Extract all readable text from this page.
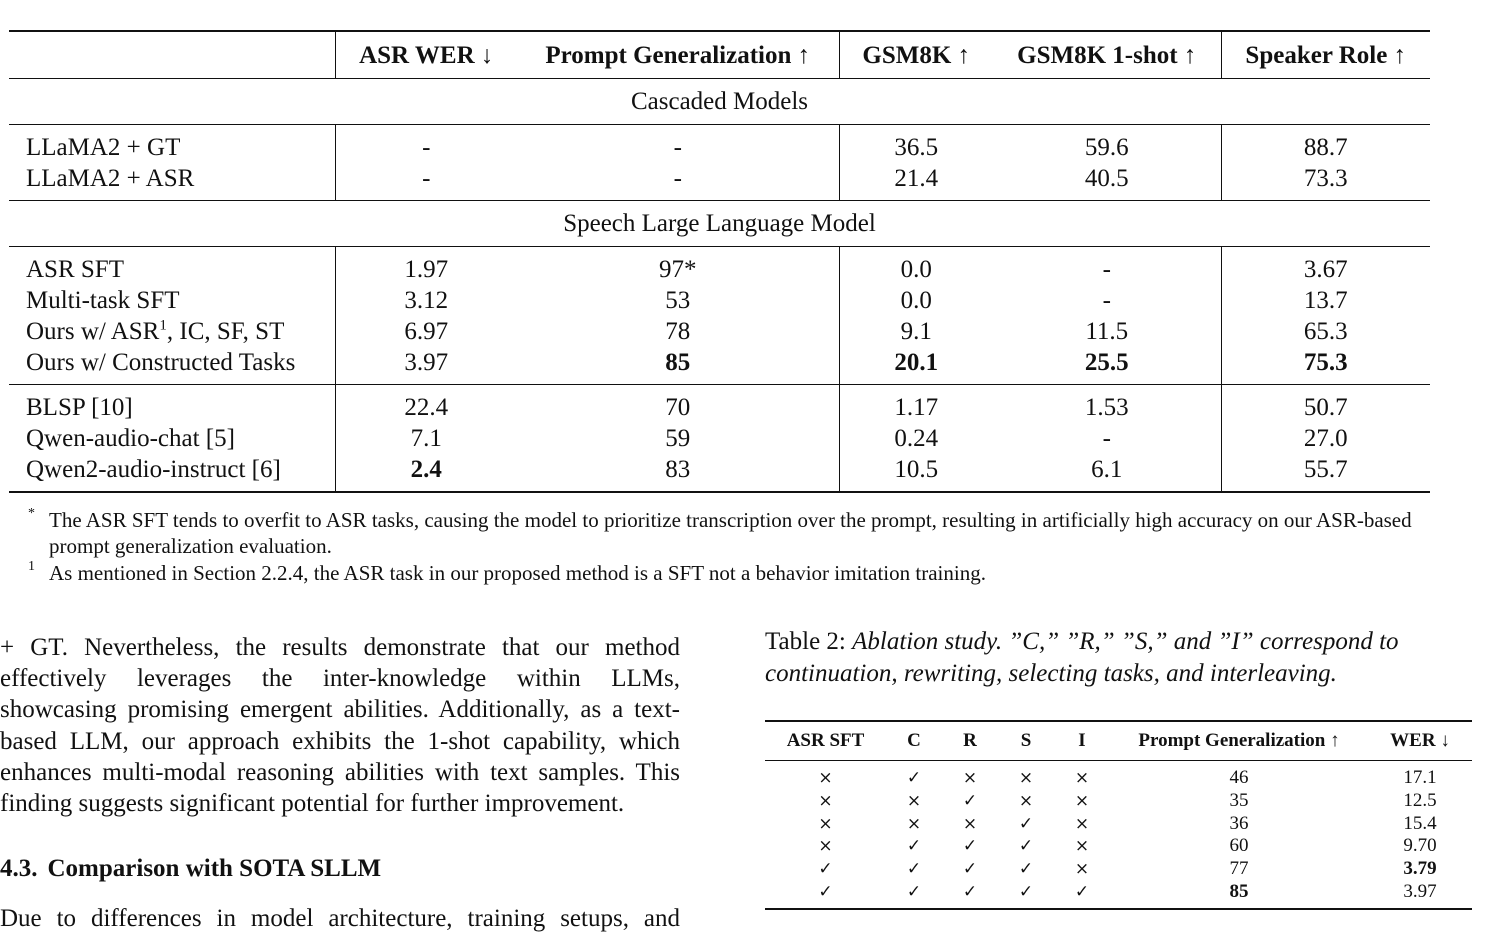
	ASR WER ↓	Prompt Generalization ↑	GSM8K ↑	GSM8K 1-shot ↑	Speaker Role ↑
Cascaded Models					
LLaMA2 + GT	-	-	36.5	59.6	88.7
LLaMA2 + ASR	-	-	21.4	40.5	73.3
Speech Large Language Model					
ASR SFT	1.97	97*	0.0	-	3.67
Multi-task SFT	3.12	53	0.0	-	13.7
Ours w/ ASR$^1$, IC, SF, ST	6.97	78	9.1	11.5	65.3
Ours w/ Constructed Tasks	3.97	85	20.1	25.5	75.3
BLSP [10]	22.4	70	1.17	1.53	50.7
Qwen-audio-chat [5]	7.1	59	0.24	-	27.0
Qwen2-audio-instruct [6]	2.4	83	10.5	6.1	55.7
* The ASR SFT tends to overfit to ASR tasks, causing the model to prioritize transcription over the prompt, resulting in artificially high accuracy on our ASR-based prompt generalization evaluation.
1 As mentioned in Section 2.2.4, the ASR task in our proposed method is a SFT not a behavior imitation training.

+ GT. Nevertheless, the results demonstrate that our method effectively leverages the inter-knowledge within LLMs, showcasing promising emergent abilities. Additionally, as a text-based LLM, our approach exhibits the 1-shot capability, which enhances multi-modal reasoning abilities with text samples. This finding suggests significant potential for further improvement.

4.3. Comparison with SOTA SLLM
Due to differences in model architecture, training setups, and
Table 2: Ablation study. ”C,” ”R,” ”S,” and ”I” correspond to continuation, rewriting, selecting tasks, and interleaving.
ASR SFT	C	R	S	I	Prompt Generalization ↑	WER ↓
×	✓	×	×	×	46	17.1
×	×	✓	×	×	35	12.5
×	×	×	✓	×	36	15.4
×	✓	✓	✓	×	60	9.70
✓	✓	✓	✓	×	77	3.79
✓	✓	✓	✓	✓	85	3.97
